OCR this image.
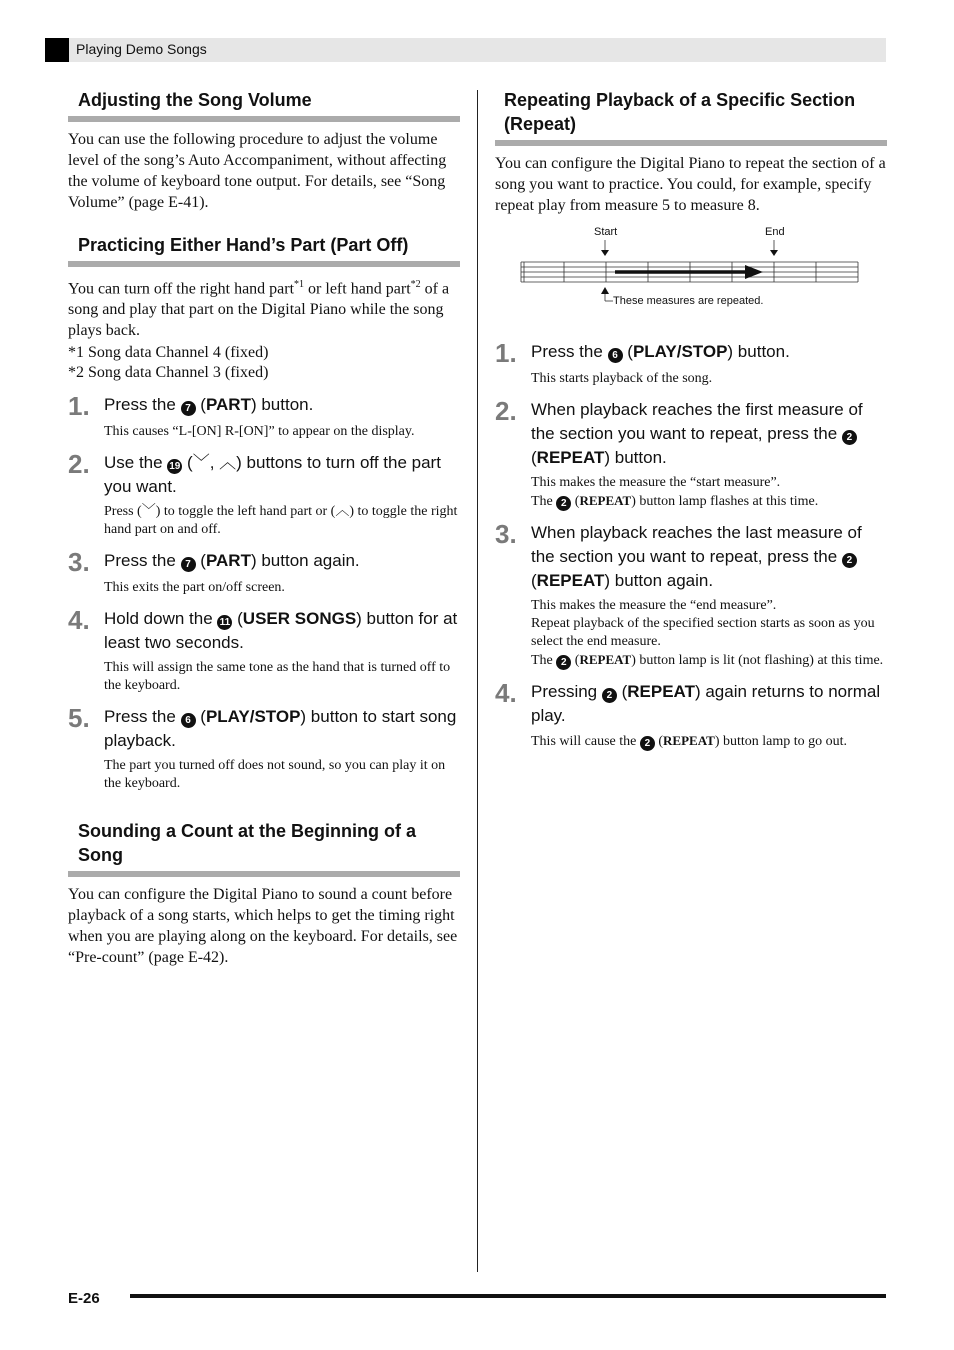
Playing Demo Songs
Adjusting the Song Volume

You can use the following procedure to adjust the volume level of the song’s Auto Accompaniment, without affecting the volume of keyboard tone output. For details, see “Song Volume” (page E-41).

Practicing Either Hand’s Part (Part Off)

You can turn off the right hand part$^{*1}$ or left hand part$^{*2}$ of a song and play that part on the Digital Piano while the song plays back.

*1 Song data Channel 4 (fixed)

*2 Song data Channel 3 (fixed)

1. Press the 7 (PART) button.

This causes “L-[ON] R-[ON]” to appear on the display.

2. Use the 19 (﹀, ︿) buttons to turn off the part you want.

Press (﹀) to toggle the left hand part or (︿) to toggle the right hand part on and off.

3. Press the 7 (PART) button again.

This exits the part on/off screen.

4. Hold down the 11 (USER SONGS) button for at least two seconds.

This will assign the same tone as the hand that is turned off to the keyboard.

5. Press the 6 (PLAY/STOP) button to start song playback.

The part you turned off does not sound, so you can play it on the keyboard.

Sounding a Count at the Beginning of a Song

You can configure the Digital Piano to sound a count before playback of a song starts, which helps to get the timing right when you are playing along on the keyboard. For details, see “Pre-count” (page E-42).

Repeating Playback of a Specific Section (Repeat)

You can configure the Digital Piano to repeat the section of a song you want to practice. You could, for example, specify repeat play from measure 5 to measure 8.

Start	End
These measures are repeated.
1. Press the 6 (PLAY/STOP) button.

This starts playback of the song.

2. When playback reaches the first measure of the section you want to repeat, press the 2 (REPEAT) button.

This makes the measure the “start measure”.
The 2 (REPEAT) button lamp flashes at this time.

3. When playback reaches the last measure of the section you want to repeat, press the 2 (REPEAT) button again.

This makes the measure the “end measure”.
Repeat playback of the specified section starts as soon as you select the end measure.
The 2 (REPEAT) button lamp is lit (not flashing) at this time.

4. Pressing 2 (REPEAT) again returns to normal play.

This will cause the 2 (REPEAT) button lamp to go out.

E-26
